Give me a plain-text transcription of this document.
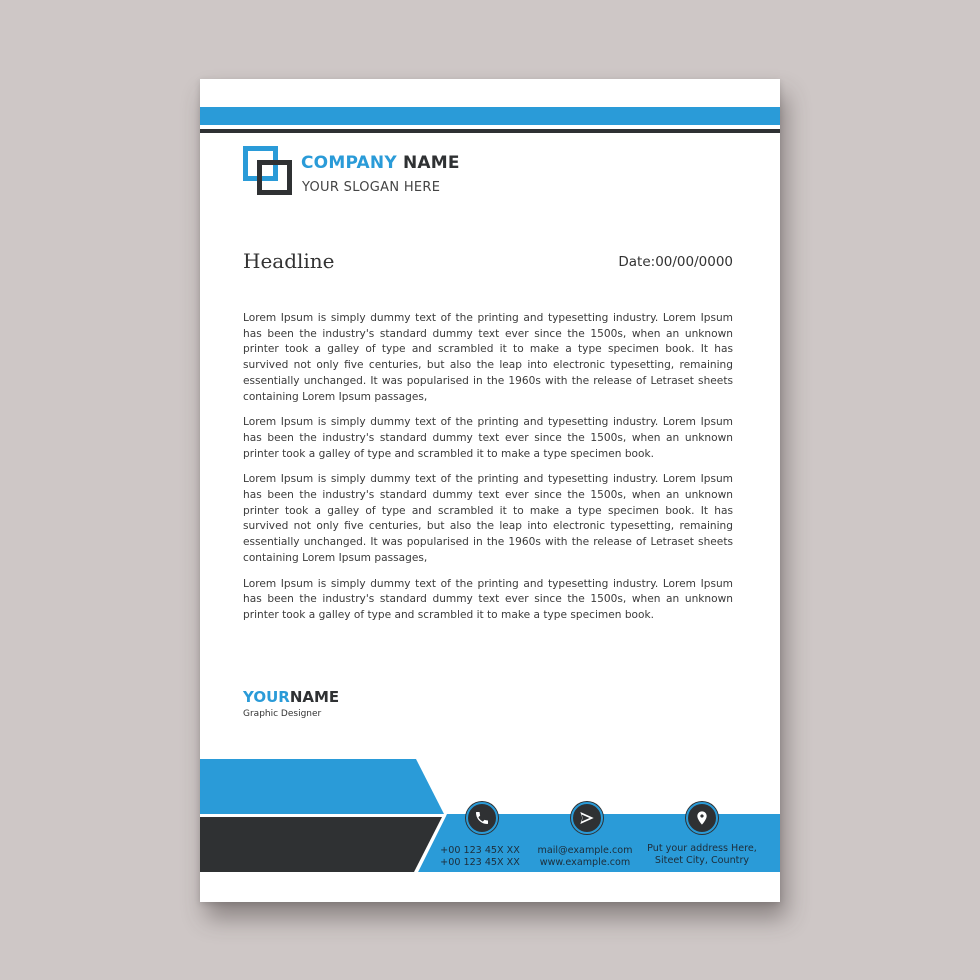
COMPANY NAME
YOUR SLOGAN HERE
Headline	Date:00/00/0000

Lorem Ipsum is simply dummy text of the printing and typesetting industry. Lorem Ipsum has been the industry's standard dummy text ever since the 1500s, when an unknown printer took a galley of type and scrambled it to make a type specimen book. It has survived not only five centuries, but also the leap into electronic typesetting, remaining essentially unchanged. It was popularised in the 1960s with the release of Letraset sheets containing Lorem Ipsum passages,

Lorem Ipsum is simply dummy text of the printing and typesetting industry. Lorem Ipsum has been the industry's standard dummy text ever since the 1500s, when an unknown printer took a galley of type and scrambled it to make a type specimen book.

Lorem Ipsum is simply dummy text of the printing and typesetting industry. Lorem Ipsum has been the industry's standard dummy text ever since the 1500s, when an unknown printer took a galley of type and scrambled it to make a type specimen book. It has survived not only five centuries, but also the leap into electronic typesetting, remaining essentially unchanged. It was popularised in the 1960s with the release of Letraset sheets containing Lorem Ipsum passages,

Lorem Ipsum is simply dummy text of the printing and typesetting industry. Lorem Ipsum has been the industry's standard dummy text ever since the 1500s, when an unknown printer took a galley of type and scrambled it to make a type specimen book.

YOURNAME
Graphic Designer
+00 123 45X XX
+00 123 45X XX
mail@example.com
www.example.com
Put your address Here,
Siteet City, Country
